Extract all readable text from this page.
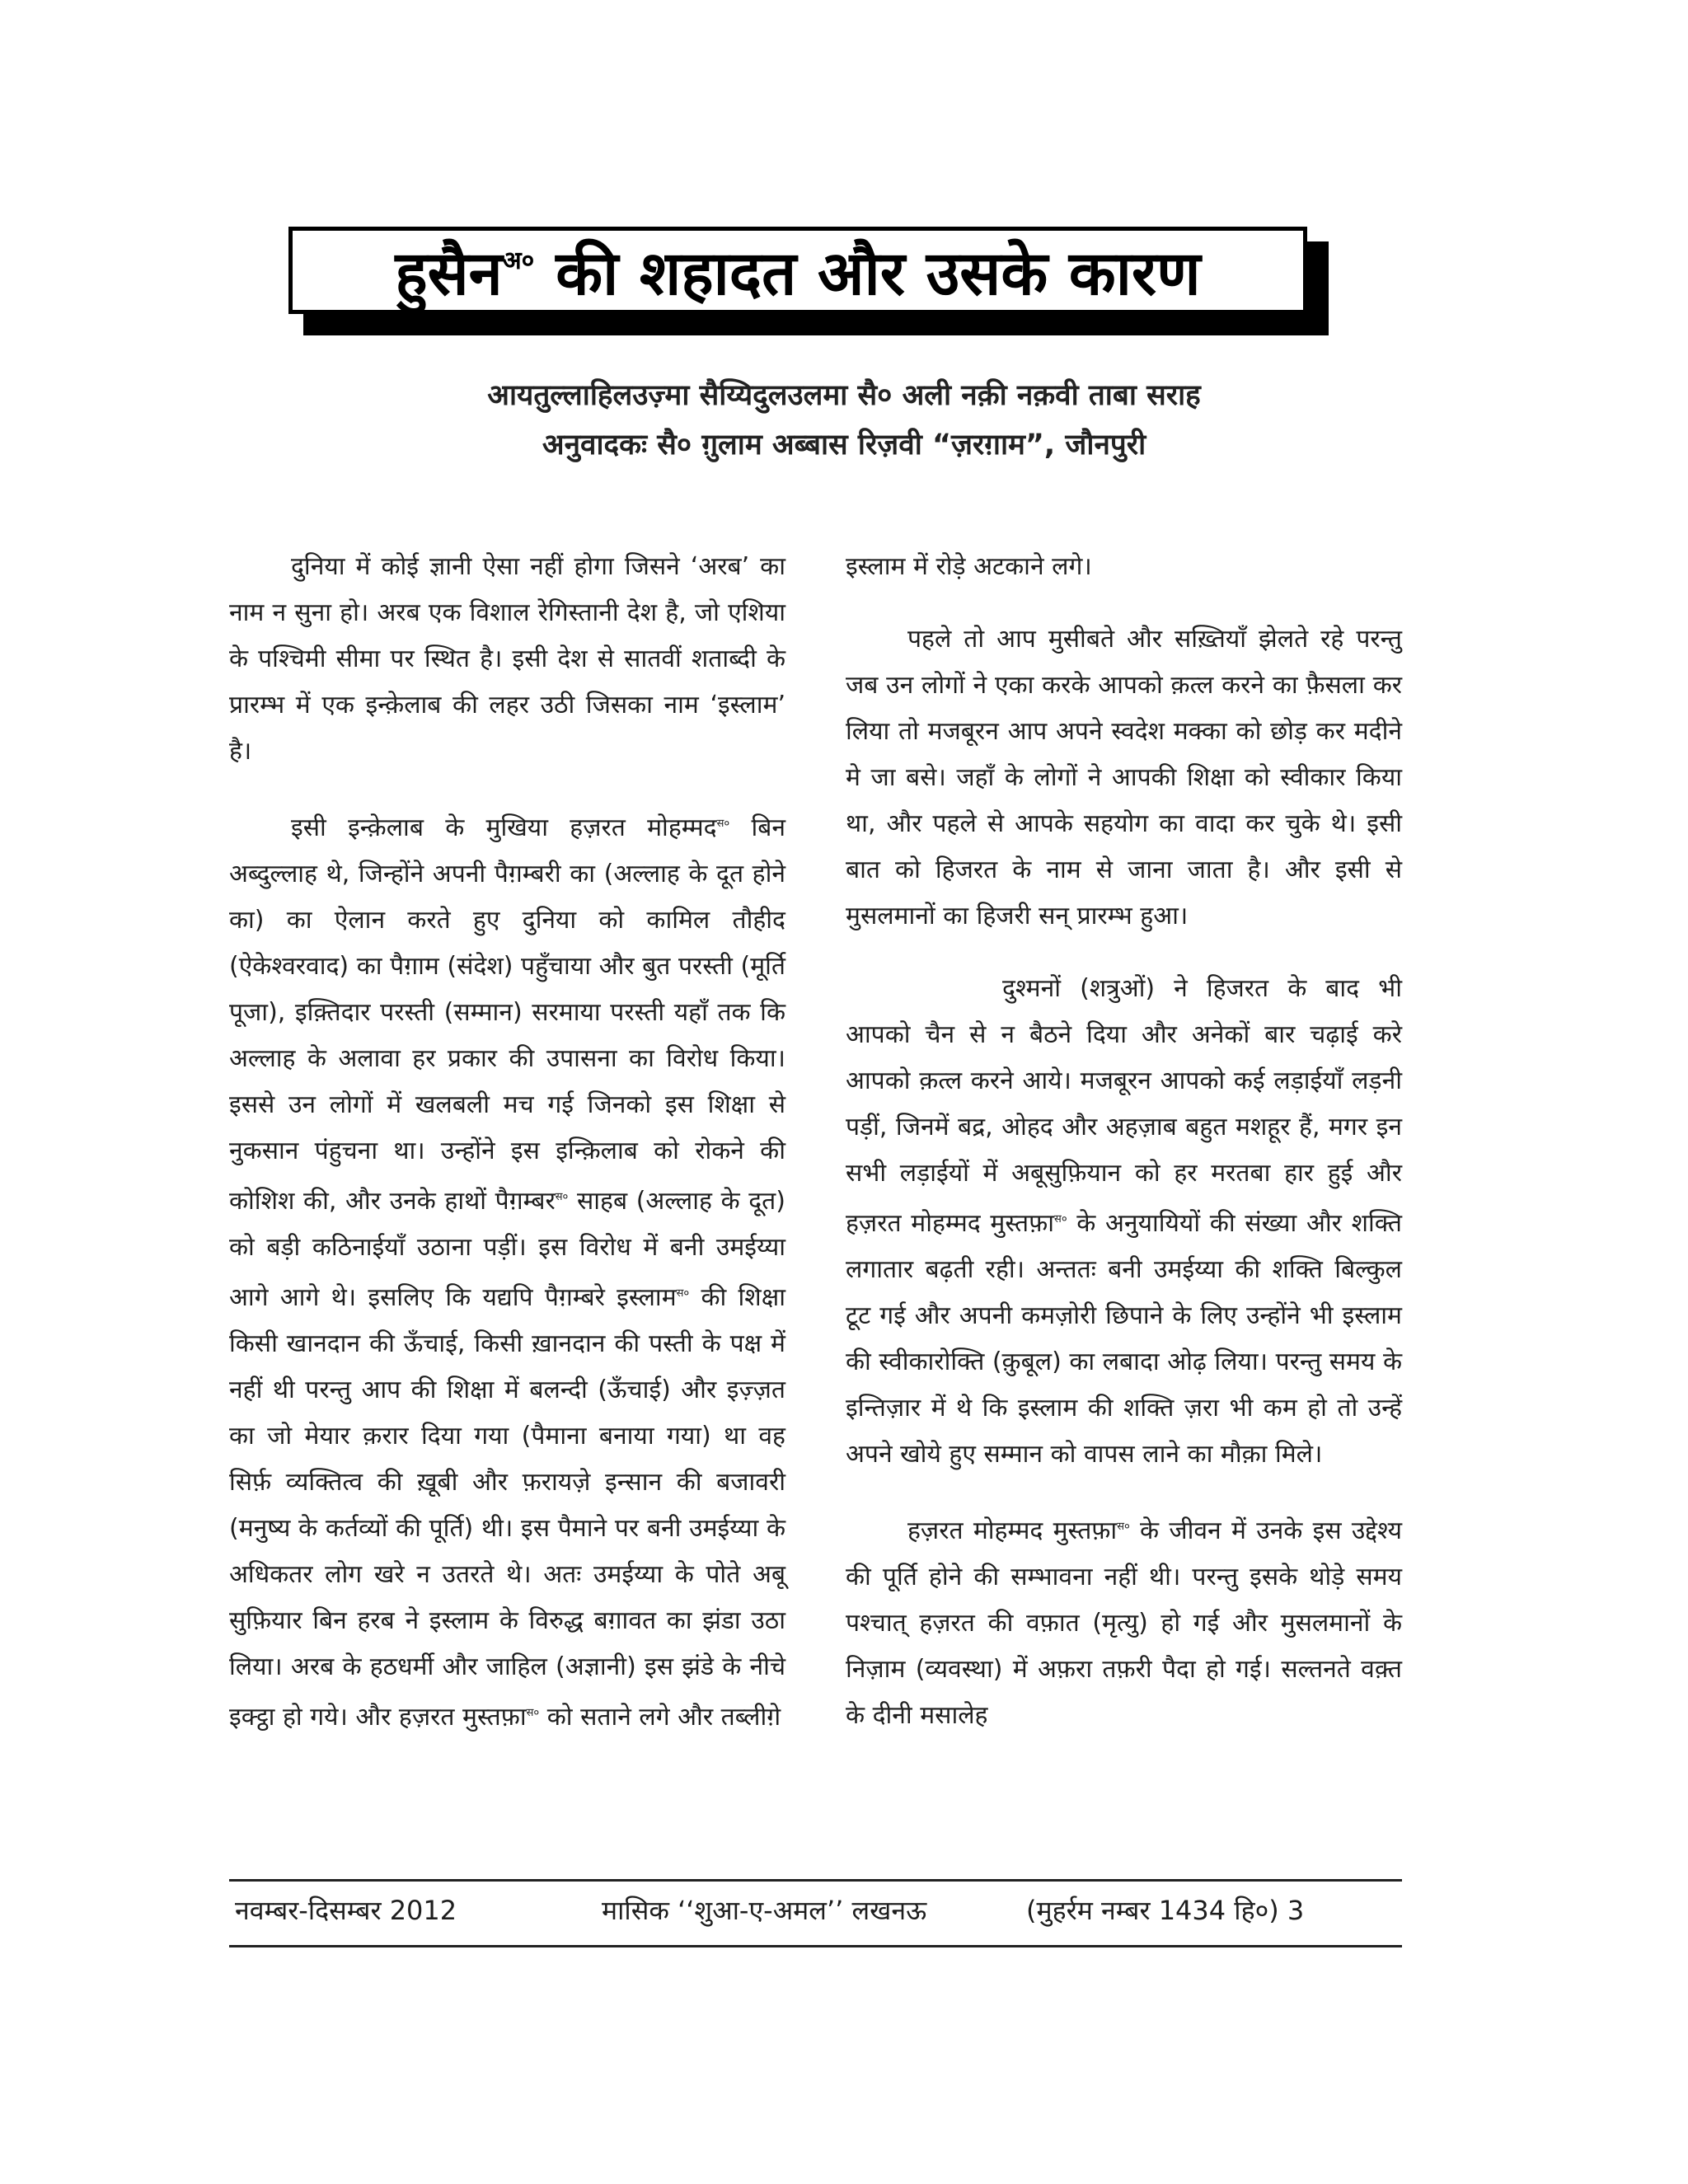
हुसैन$^{अ०}$ की शहादत और उसके कारण
आयतुल्लाहिलउज़्मा सैय्यिदुलउलमा सै० अली नक़ी नक़वी ताबा सराह
अनुवादकः सै० ग़ुलाम अब्बास रिज़वी “ज़रग़ाम”, जौनपुरी

दुनिया में कोई ज्ञानी ऐसा नहीं होगा जिसने ‘अरब’ का नाम न सुना हो। अरब एक विशाल रेगिस्तानी देश है, जो एशिया के पश्चिमी सीमा पर स्थित है। इसी देश से सातवीं शताब्दी के प्रारम्भ में एक इन्क़ेलाब की लहर उठी जिसका नाम ‘इस्लाम’ है।

इसी इन्क़ेलाब के मुखिया हज़रत मोहम्मद$^{स०}$ बिन अब्दुल्लाह थे, जिन्होंने अपनी पैग़म्बरी का (अल्लाह के दूत होने का) का ऐलान करते हुए दुनिया को कामिल तौहीद (ऐकेश्वरवाद) का पैग़ाम (संदेश) पहुँचाया और बुत परस्ती (मूर्ति पूजा), इक़्तिदार परस्ती (सम्मान) सरमाया परस्ती यहाँ तक कि अल्लाह के अलावा हर प्रकार की उपासना का विरोध किया। इससे उन लोगों में खलबली मच गई जिनको इस शिक्षा से नुकसान पंहुचना था। उन्होंने इस इन्क़िलाब को रोकने की कोशिश की, और उनके हाथों पैग़म्बर$^{स०}$ साहब (अल्लाह के दूत) को बड़ी कठिनाईयाँ उठाना पड़ीं। इस विरोध में बनी उमईय्या आगे आगे थे। इसलिए कि यद्यपि पैग़म्बरे इस्लाम$^{स०}$ की शिक्षा किसी खानदान की ऊँचाई, किसी ख़ानदान की पस्ती के पक्ष में नहीं थी परन्तु आप की शिक्षा में बलन्दी (ऊँचाई) और इज़्ज़त का जो मेयार क़रार दिया गया (पैमाना बनाया गया) था वह सिर्फ़ व्यक्तित्व की ख़ूबी और फ़रायज़े इन्सान की बजावरी (मनुष्य के कर्तव्यों की पूर्ति) थी। इस पैमाने पर बनी उमईय्या के अधिकतर लोग खरे न उतरते थे। अतः उमईय्या के पोते अबू सुफ़ियार बिन हरब ने इस्लाम के विरुद्ध बग़ावत का झंडा उठा लिया। अरब के हठधर्मी और जाहिल (अज्ञानी) इस झंडे के नीचे इक्ट्ठा हो गये। और हज़रत मुस्तफ़ा$^{स०}$ को सताने लगे और तब्लीग़े

इस्लाम में रोड़े अटकाने लगे।

पहले तो आप मुसीबते और सख़्तियाँ झेलते रहे परन्तु जब उन लोगों ने एका करके आपको क़त्ल करने का फ़ैसला कर लिया तो मजबूरन आप अपने स्वदेश मक्का को छोड़ कर मदीने मे जा बसे। जहाँ के लोगों ने आपकी शिक्षा को स्वीकार किया था, और पहले से आपके सहयोग का वादा कर चुके थे। इसी बात को हिजरत के नाम से जाना जाता है। और इसी से मुसलमानों का हिजरी सन् प्रारम्भ हुआ।

दुश्मनों (शत्रुओं) ने हिजरत के बाद भी आपको चैन से न बैठने दिया और अनेकों बार चढ़ाई करे आपको क़त्ल करने आये। मजबूरन आपको कई लड़ाईयाँ लड़नी पड़ीं, जिनमें बद्र, ओहद और अहज़ाब बहुत मशहूर हैं, मगर इन सभी लड़ाईयों में अबूसुफ़ियान को हर मरतबा हार हुई और हज़रत मोहम्मद मुस्तफ़ा$^{स०}$ के अनुयायियों की संख्या और शक्ति लगातार बढ़ती रही। अन्ततः बनी उमईय्या की शक्ति बिल्कुल टूट गई और अपनी कमज़ोरी छिपाने के लिए उन्होंने भी इस्लाम की स्वीकारोक्ति (क़ुबूल) का लबादा ओढ़ लिया। परन्तु समय के इन्तिज़ार में थे कि इस्लाम की शक्ति ज़रा भी कम हो तो उन्हें अपने खोये हुए सम्मान को वापस लाने का मौक़ा मिले।

हज़रत मोहम्मद मुस्तफ़ा$^{स०}$ के जीवन में उनके इस उद्देश्य की पूर्ति होने की सम्भावना नहीं थी। परन्तु इसके थोड़े समय पश्चात् हज़रत की वफ़ात (मृत्यु) हो गई और मुसलमानों के निज़ाम (व्यवस्था) में अफ़रा तफ़री पैदा हो गई। सल्तनते वक़्त के दीनी मसालेह

नवम्बर-दिसम्बर 2012	मासिक ‘‘शुआ-ए-अमल’’ लखनऊ	(मुहर्रम नम्बर 1434 हि०) 3
